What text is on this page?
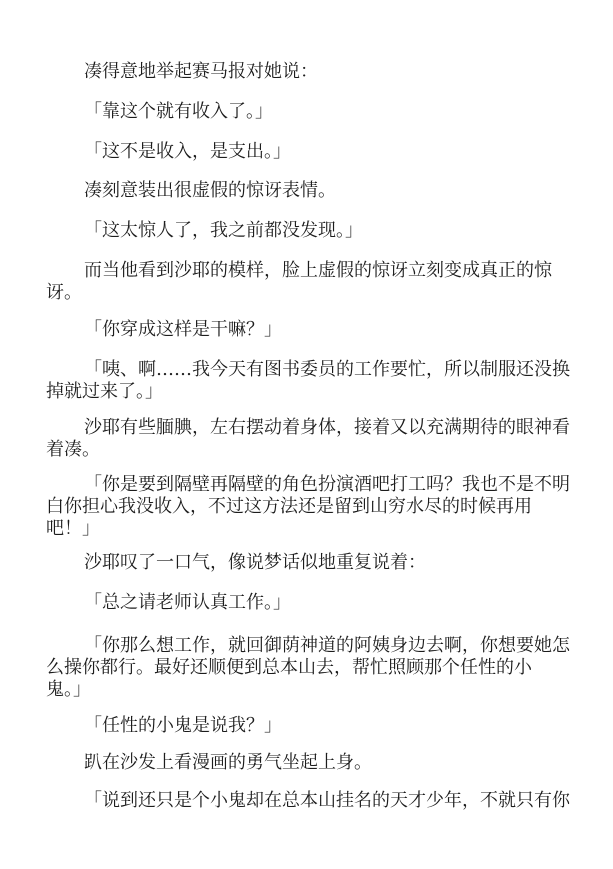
凑得意地举起赛马报对她说：

「靠这个就有收入了。」

「这不是收入，是支出。」

凑刻意装出很虚假的惊讶表情。

「这太惊人了，我之前都没发现。」

而当他看到沙耶的模样，脸上虚假的惊讶立刻变成真正的惊
讶。

「你穿成这样是干嘛？」

「咦、啊……我今天有图书委员的工作要忙，所以制服还没换
掉就过来了。」

沙耶有些腼腆，左右摆动着身体，接着又以充满期待的眼神看
着凑。

「你是要到隔壁再隔壁的角色扮演酒吧打工吗？我也不是不明
白你担心我没收入，不过这方法还是留到山穷水尽的时候再用
吧！」

沙耶叹了一口气，像说梦话似地重复说着：

「总之请老师认真工作。」

「你那么想工作，就回御荫神道的阿姨身边去啊，你想要她怎
么操你都行。最好还顺便到总本山去，帮忙照顾那个任性的小
鬼。」

「任性的小鬼是说我？」

趴在沙发上看漫画的勇气坐起上身。

「说到还只是个小鬼却在总本山挂名的天才少年，不就只有你
